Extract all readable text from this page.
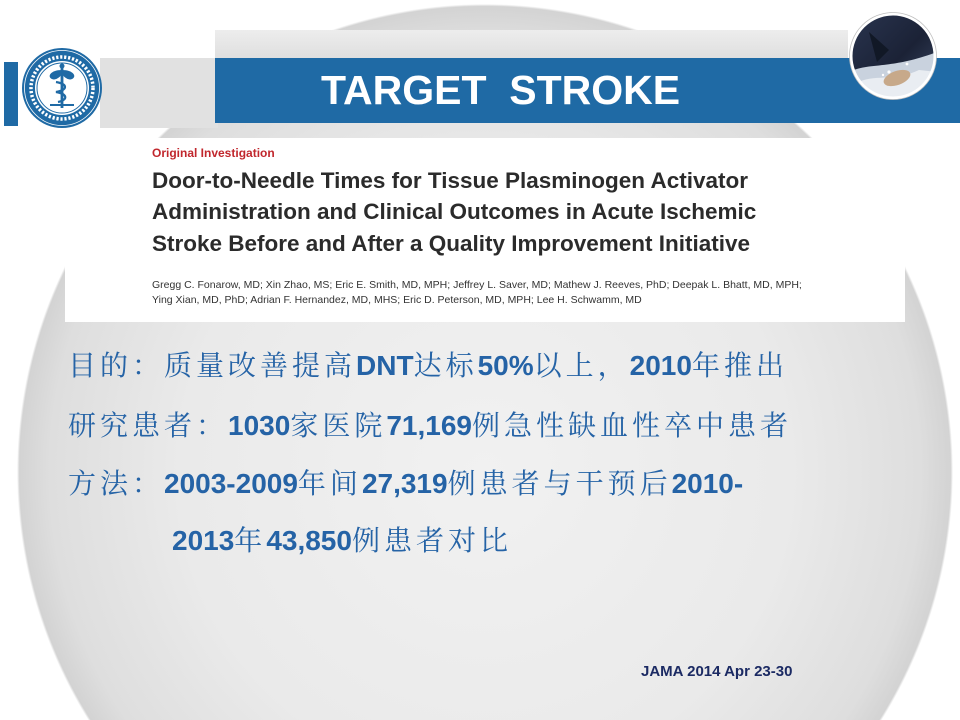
TARGET  STROKE
Original Investigation
Door-to-Needle Times for Tissue Plasminogen Activator
Administration and Clinical Outcomes in Acute Ischemic
Stroke Before and After a Quality Improvement Initiative
Gregg C. Fonarow, MD; Xin Zhao, MS; Eric E. Smith, MD, MPH; Jeffrey L. Saver, MD; Mathew J. Reeves, PhD; Deepak L. Bhatt, MD, MPH;
Ying Xian, MD, PhD; Adrian F. Hernandez, MD, MHS; Eric D. Peterson, MD, MPH; Lee H. Schwamm, MD
目的：质量改善提高DNT达标50%以上，2010年推出
研究患者：1030家医院71,169例急性缺血性卒中患者
方法：2003-2009年间27,319例患者与干预后2010-
2013年43,850例患者对比
JAMA 2014 Apr 23-30
